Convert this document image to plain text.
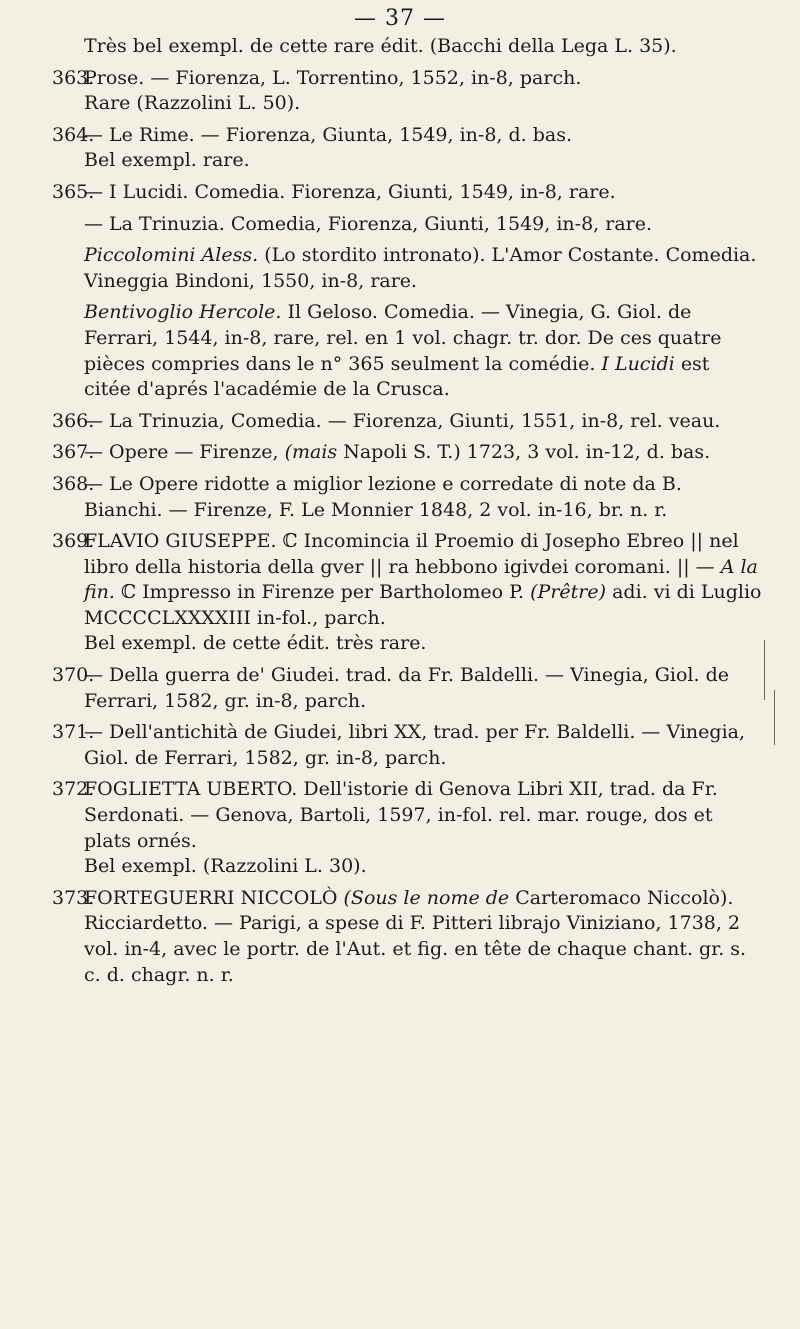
— 37 —

Très bel exempl. de cette rare édit. (Bacchi della Lega L. 35).

363.Prose. — Fiorenza, L. Torrentino, 1552, in-8, parch.
Rare (Razzolini L. 50).

364.— Le Rime. — Fiorenza, Giunta, 1549, in-8, d. bas.
Bel exempl. rare.

365.— I Lucidi. Comedia. Fiorenza, Giunti, 1549, in-8, rare.

— La Trinuzia. Comedia, Fiorenza, Giunti, 1549, in-8, rare.

Piccolomini Aless. (Lo stordito intronato). L'Amor Costante. Comedia. Vineggia Bindoni, 1550, in-8, rare.

Bentivoglio Hercole. Il Geloso. Comedia. — Vinegia, G. Giol. de Ferrari, 1544, in-8, rare, rel. en 1 vol. chagr. tr. dor. De ces quatre pièces compries dans le n° 365 seulment la comédie. I Lucidi est citée d'aprés l'académie de la Crusca.

366.— La Trinuzia, Comedia. — Fiorenza, Giunti, 1551, in-8, rel. veau.

367.— Opere — Firenze, (mais Napoli S. T.) 1723, 3 vol. in-12, d. bas.

368.— Le Opere ridotte a miglior lezione e corredate di note da B. Bianchi. — Firenze, F. Le Monnier 1848, 2 vol. in-16, br. n. r.

369.FLAVIO GIUSEPPE. ℂ Incomincia il Proemio di Josepho Ebreo || nel libro della historia della gver || ra hebbono igivdei coromani. || — A la fin. ℂ Impresso in Firenze per Bartholomeo P. (Prêtre) adi. vi di Luglio MCCCCLXXXXIII in-fol., parch.
Bel exempl. de cette édit. très rare.

370.— Della guerra de' Giudei. trad. da Fr. Baldelli. — Vinegia, Giol. de Ferrari, 1582, gr. in-8, parch.

371.— Dell'antichità de Giudei, libri XX, trad. per Fr. Baldelli. — Vinegia, Giol. de Ferrari, 1582, gr. in-8, parch.

372.FOGLIETTA UBERTO. Dell'istorie di Genova Libri XII, trad. da Fr. Serdonati. — Genova, Bartoli, 1597, in-fol. rel. mar. rouge, dos et plats ornés.
Bel exempl. (Razzolini L. 30).

373.FORTEGUERRI NICCOLÒ (Sous le nome de Carteromaco Niccolò). Ricciardetto. — Parigi, a spese di F. Pitteri librajo Viniziano, 1738, 2 vol. in-4, avec le portr. de l'Aut. et fig. en tête de chaque chant. gr. s. c. d. chagr. n. r.
